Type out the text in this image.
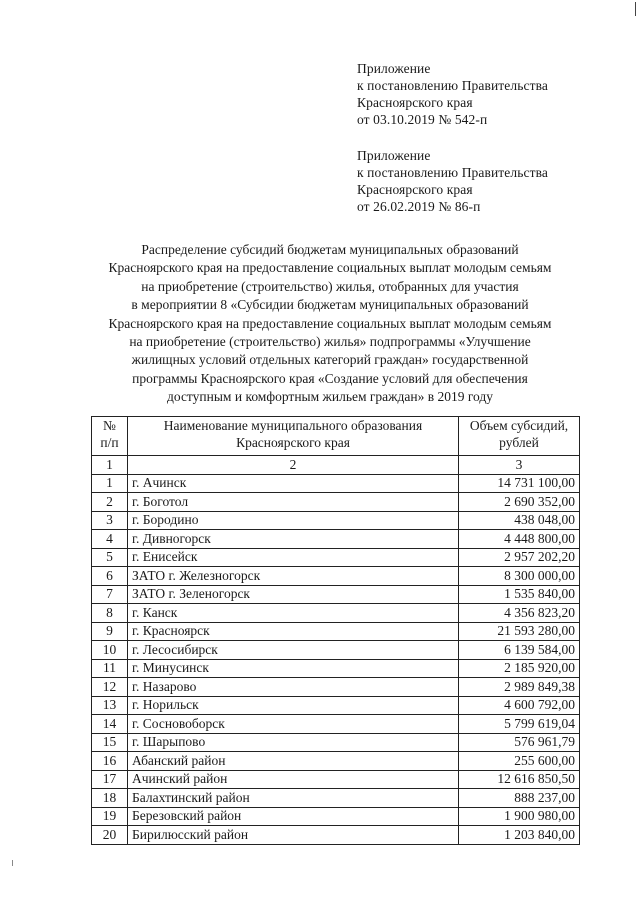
Приложение
к постановлению Правительства
Красноярского края
от 03.10.2019 № 542-п
Приложение
к постановлению Правительства
Красноярского края
от 26.02.2019 № 86-п
Распределение субсидий бюджетам муниципальных образований
Красноярского края на предоставление социальных выплат молодым семьям
на приобретение (строительство) жилья, отобранных для участия
в мероприятии 8 «Субсидии бюджетам муниципальных образований
Красноярского края на предоставление социальных выплат молодым семьям
на приобретение (строительство) жилья» подпрограммы «Улучшение
жилищных условий отдельных категорий граждан» государственной
программы Красноярского края «Создание условий для обеспечения
доступным и комфортным жильем граждан» в 2019 году
№ п/п	Наименование муниципального образования Красноярского края	Объем субсидий, рублей
1	2	3
1	г. Ачинск	14 731 100,00
2	г. Боготол	2 690 352,00
3	г. Бородино	438 048,00
4	г. Дивногорск	4 448 800,00
5	г. Енисейск	2 957 202,20
6	ЗАТО г. Железногорск	8 300 000,00
7	ЗАТО г. Зеленогорск	1 535 840,00
8	г. Канск	4 356 823,20
9	г. Красноярск	21 593 280,00
10	г. Лесосибирск	6 139 584,00
11	г. Минусинск	2 185 920,00
12	г. Назарово	2 989 849,38
13	г. Норильск	4 600 792,00
14	г. Сосновоборск	5 799 619,04
15	г. Шарыпово	576 961,79
16	Абанский район	255 600,00
17	Ачинский район	12 616 850,50
18	Балахтинский район	888 237,00
19	Березовский район	1 900 980,00
20	Бирилюсский район	1 203 840,00
